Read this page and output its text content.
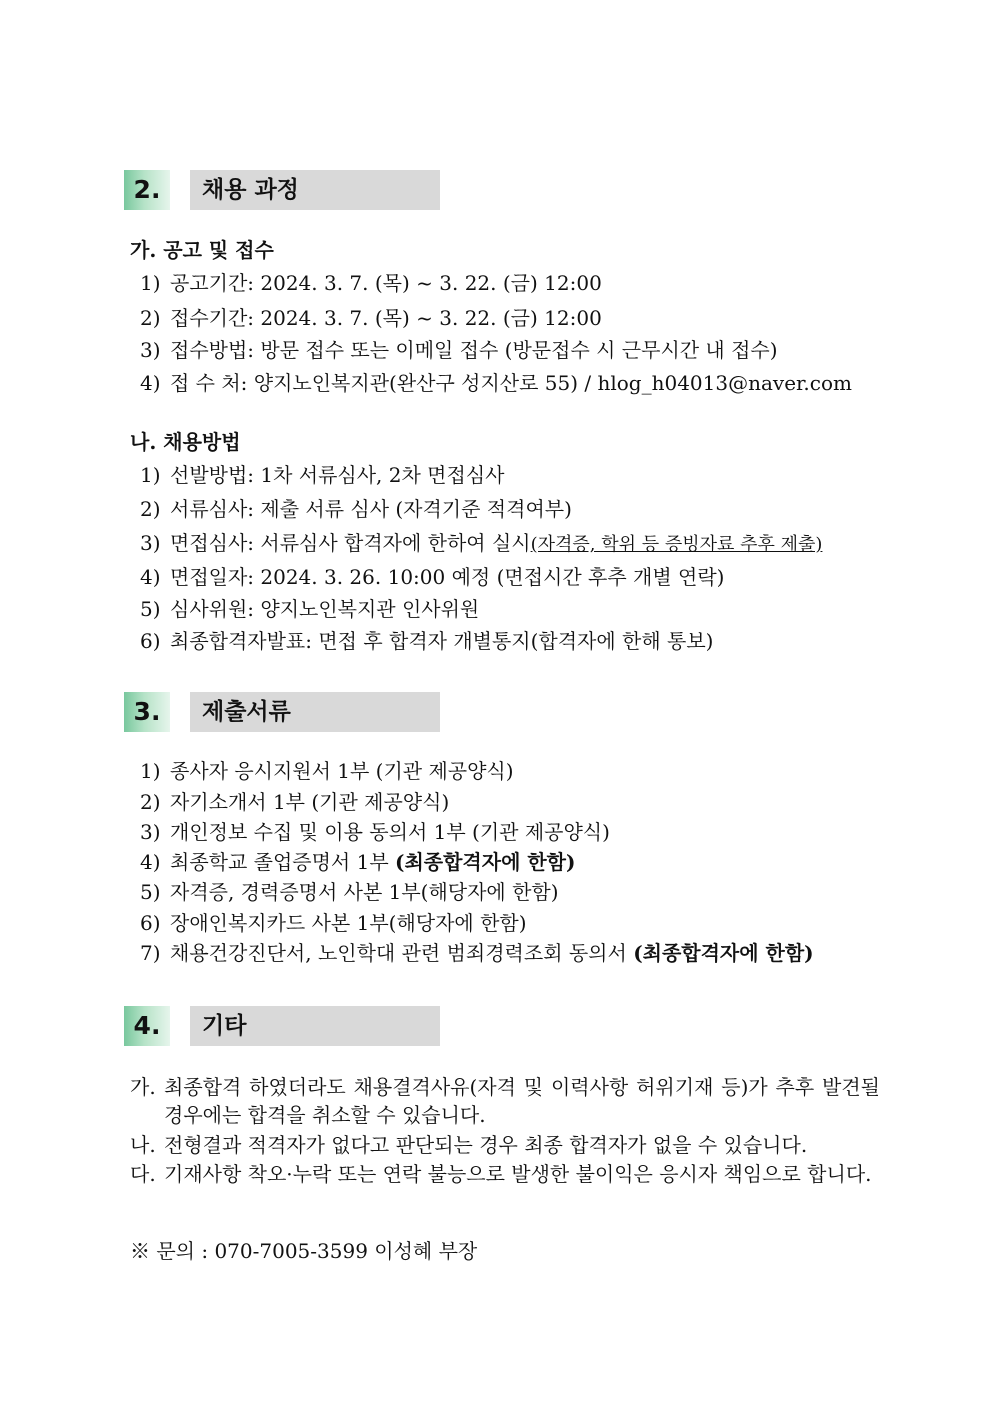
2.	채용 과정
가. 공고 및 접수
1) 공고기간: 2024. 3. 7. (목) ~ 3. 22. (금) 12:00
2) 접수기간: 2024. 3. 7. (목) ~ 3. 22. (금) 12:00
3) 접수방법: 방문 접수 또는 이메일 접수 (방문접수 시 근무시간 내 접수)
4) 접 수 처: 양지노인복지관(완산구 성지산로 55) / hlog_h04013@naver.com
나. 채용방법
1) 선발방법: 1차 서류심사, 2차 면접심사
2) 서류심사: 제출 서류 심사 (자격기준 적격여부)
3) 면접심사: 서류심사 합격자에 한하여 실시(자격증, 학위 등 증빙자료 추후 제출)
4) 면접일자: 2024. 3. 26. 10:00 예정 (면접시간 후추 개별 연락)
5) 심사위원: 양지노인복지관 인사위원
6) 최종합격자발표: 면접 후 합격자 개별통지(합격자에 한해 통보)
3.	제출서류
1) 종사자 응시지원서 1부 (기관 제공양식)
2) 자기소개서 1부 (기관 제공양식)
3) 개인정보 수집 및 이용 동의서 1부 (기관 제공양식)
4) 최종학교 졸업증명서 1부 (최종합격자에 한함)
5) 자격증, 경력증명서 사본 1부(해당자에 한함)
6) 장애인복지카드 사본 1부(해당자에 한함)
7) 채용건강진단서, 노인학대 관련 범죄경력조회 동의서 (최종합격자에 한함)
4.	기타
가. 최종합격 하였더라도 채용결격사유(자격 및 이력사항 허위기재 등)가 추후 발견될 경우에는 합격을 취소할 수 있습니다.
나. 전형결과 적격자가 없다고 판단되는 경우 최종 합격자가 없을 수 있습니다.
다. 기재사항 착오·누락 또는 연락 불능으로 발생한 불이익은 응시자 책임으로 합니다.
※ 문의 : 070-7005-3599 이성혜 부장
